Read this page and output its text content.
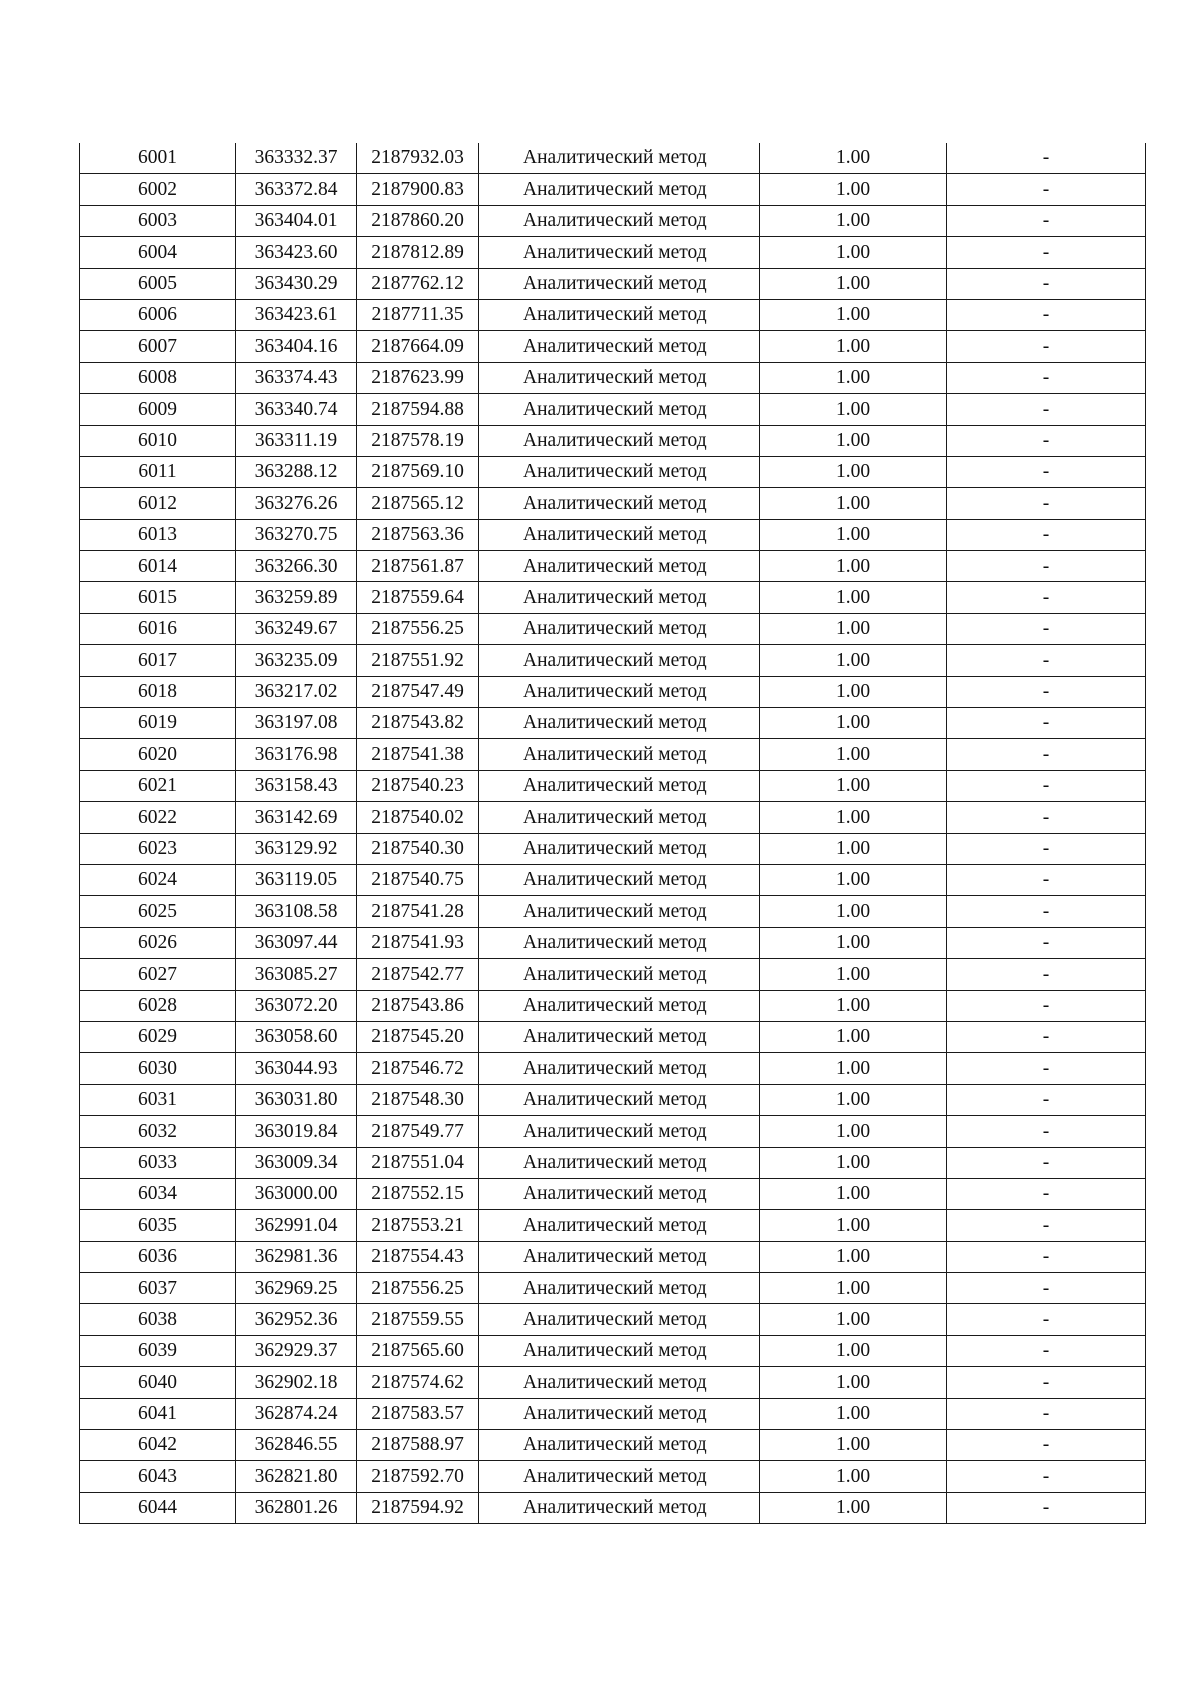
6001	363332.37	2187932.03	Аналитический метод	1.00	-
6002	363372.84	2187900.83	Аналитический метод	1.00	-
6003	363404.01	2187860.20	Аналитический метод	1.00	-
6004	363423.60	2187812.89	Аналитический метод	1.00	-
6005	363430.29	2187762.12	Аналитический метод	1.00	-
6006	363423.61	2187711.35	Аналитический метод	1.00	-
6007	363404.16	2187664.09	Аналитический метод	1.00	-
6008	363374.43	2187623.99	Аналитический метод	1.00	-
6009	363340.74	2187594.88	Аналитический метод	1.00	-
6010	363311.19	2187578.19	Аналитический метод	1.00	-
6011	363288.12	2187569.10	Аналитический метод	1.00	-
6012	363276.26	2187565.12	Аналитический метод	1.00	-
6013	363270.75	2187563.36	Аналитический метод	1.00	-
6014	363266.30	2187561.87	Аналитический метод	1.00	-
6015	363259.89	2187559.64	Аналитический метод	1.00	-
6016	363249.67	2187556.25	Аналитический метод	1.00	-
6017	363235.09	2187551.92	Аналитический метод	1.00	-
6018	363217.02	2187547.49	Аналитический метод	1.00	-
6019	363197.08	2187543.82	Аналитический метод	1.00	-
6020	363176.98	2187541.38	Аналитический метод	1.00	-
6021	363158.43	2187540.23	Аналитический метод	1.00	-
6022	363142.69	2187540.02	Аналитический метод	1.00	-
6023	363129.92	2187540.30	Аналитический метод	1.00	-
6024	363119.05	2187540.75	Аналитический метод	1.00	-
6025	363108.58	2187541.28	Аналитический метод	1.00	-
6026	363097.44	2187541.93	Аналитический метод	1.00	-
6027	363085.27	2187542.77	Аналитический метод	1.00	-
6028	363072.20	2187543.86	Аналитический метод	1.00	-
6029	363058.60	2187545.20	Аналитический метод	1.00	-
6030	363044.93	2187546.72	Аналитический метод	1.00	-
6031	363031.80	2187548.30	Аналитический метод	1.00	-
6032	363019.84	2187549.77	Аналитический метод	1.00	-
6033	363009.34	2187551.04	Аналитический метод	1.00	-
6034	363000.00	2187552.15	Аналитический метод	1.00	-
6035	362991.04	2187553.21	Аналитический метод	1.00	-
6036	362981.36	2187554.43	Аналитический метод	1.00	-
6037	362969.25	2187556.25	Аналитический метод	1.00	-
6038	362952.36	2187559.55	Аналитический метод	1.00	-
6039	362929.37	2187565.60	Аналитический метод	1.00	-
6040	362902.18	2187574.62	Аналитический метод	1.00	-
6041	362874.24	2187583.57	Аналитический метод	1.00	-
6042	362846.55	2187588.97	Аналитический метод	1.00	-
6043	362821.80	2187592.70	Аналитический метод	1.00	-
6044	362801.26	2187594.92	Аналитический метод	1.00	-
